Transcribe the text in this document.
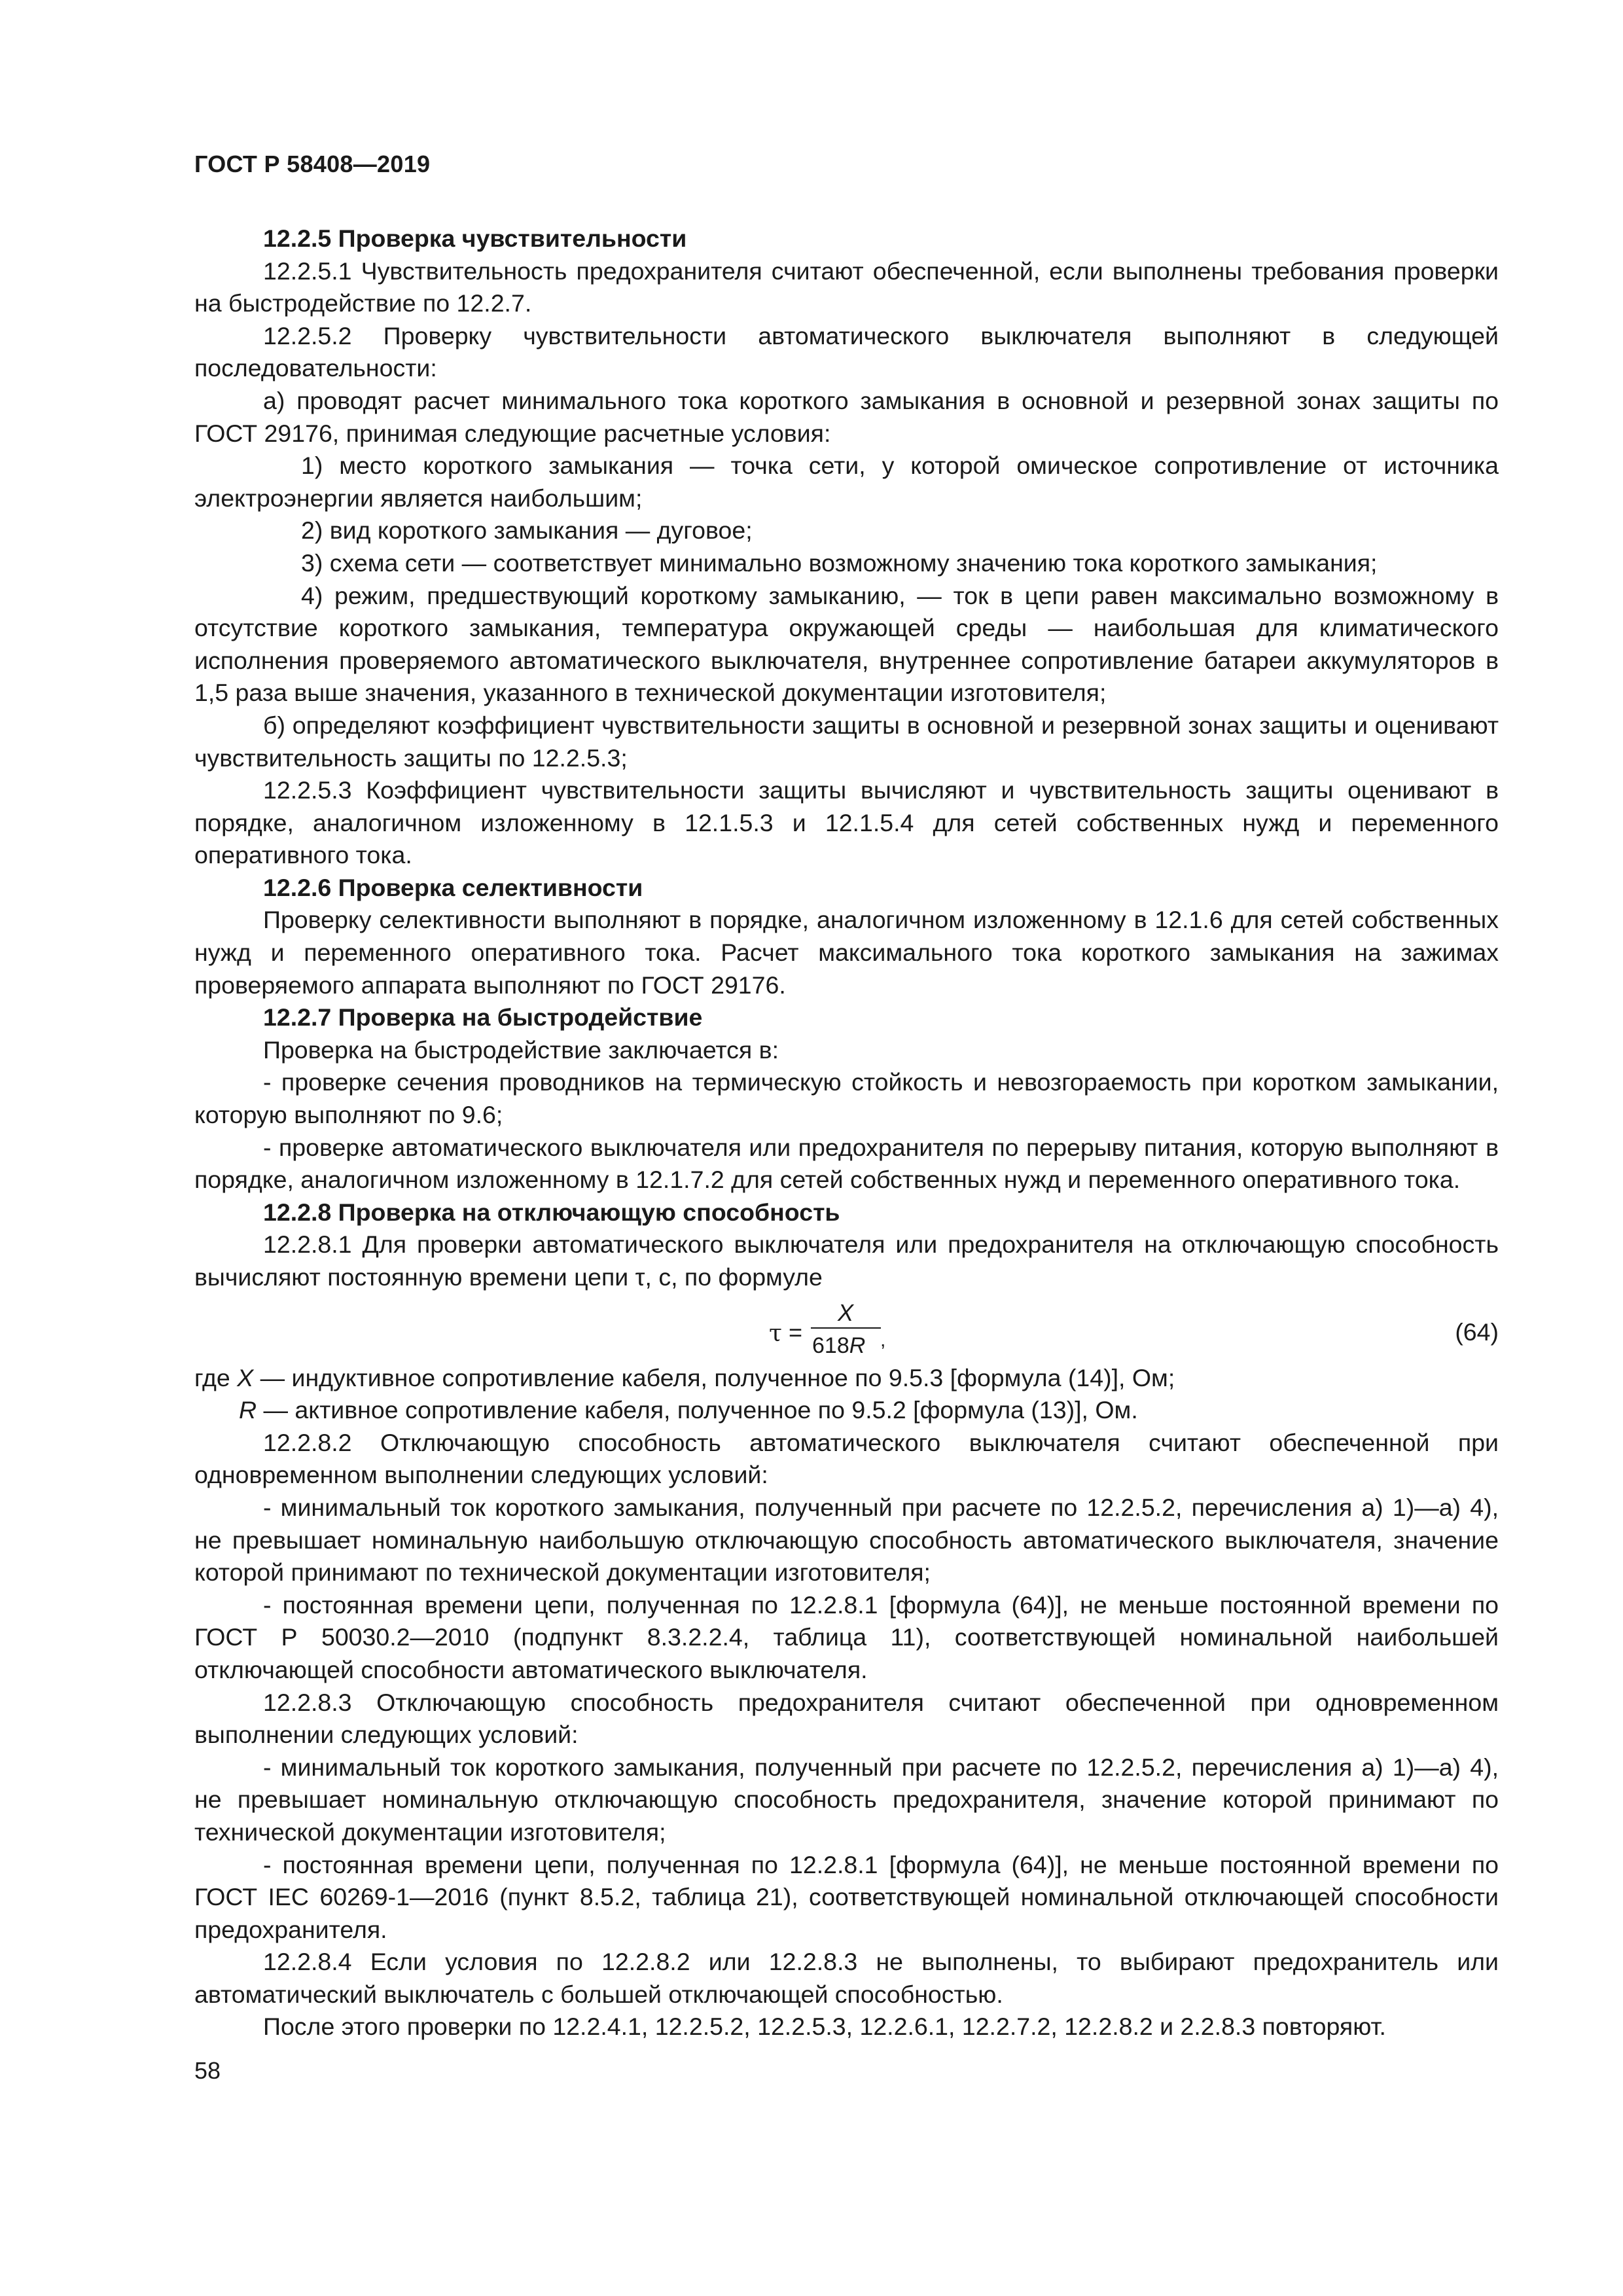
ГОСТ Р 58408—2019

12.2.5 Проверка чувствительности

12.2.5.1 Чувствительность предохранителя считают обеспеченной, если выполнены требования проверки на быстродействие по 12.2.7.

12.2.5.2 Проверку чувствительности автоматического выключателя выполняют в следующей последовательности:

а) проводят расчет минимального тока короткого замыкания в основной и резервной зонах защиты по ГОСТ 29176, принимая следующие расчетные условия:

1) место короткого замыкания — точка сети, у которой омическое сопротивление от источника электроэнергии является наибольшим;

2) вид короткого замыкания — дуговое;

3) схема сети — соответствует минимально возможному значению тока короткого замыкания;

4) режим, предшествующий короткому замыканию, — ток в цепи равен максимально возможному в отсутствие короткого замыкания, температура окружающей среды — наибольшая для климатического исполнения проверяемого автоматического выключателя, внутреннее сопротивление батареи аккумуляторов в 1,5 раза выше значения, указанного в технической документации изготовителя;

б) определяют коэффициент чувствительности защиты в основной и резервной зонах защиты и оценивают чувствительность защиты по 12.2.5.3;

12.2.5.3 Коэффициент чувствительности защиты вычисляют и чувствительность защиты оценивают в порядке, аналогичном изложенному в 12.1.5.3 и 12.1.5.4 для сетей собственных нужд и переменного оперативного тока.

12.2.6 Проверка селективности

Проверку селективности выполняют в порядке, аналогичном изложенному в 12.1.6 для сетей собственных нужд и переменного оперативного тока. Расчет максимального тока короткого замыкания на зажимах проверяемого аппарата выполняют по ГОСТ 29176.

12.2.7 Проверка на быстродействие

Проверка на быстродействие заключается в:

- проверке сечения проводников на термическую стойкость и невозгораемость при коротком замыкании, которую выполняют по 9.6;

- проверке автоматического выключателя или предохранителя по перерыву питания, которую выполняют в порядке, аналогичном изложенному в 12.1.7.2 для сетей собственных нужд и переменного оперативного тока.

12.2.8 Проверка на отключающую способность

12.2.8.1 Для проверки автоматического выключателя или предохранителя на отключающую способность вычисляют постоянную времени цепи τ, с, по формуле

τ =
X
618R ,	(64)

где X — индуктивное сопротивление кабеля, полученное по 9.5.3 [формула (14)], Ом;

R — активное сопротивление кабеля, полученное по 9.5.2 [формула (13)], Ом.

12.2.8.2 Отключающую способность автоматического выключателя считают обеспеченной при одновременном выполнении следующих условий:

- минимальный ток короткого замыкания, полученный при расчете по 12.2.5.2, перечисления а) 1)—а) 4), не превышает номинальную наибольшую отключающую способность автоматического выключателя, значение которой принимают по технической документации изготовителя;

- постоянная времени цепи, полученная по 12.2.8.1 [формула (64)], не меньше постоянной времени по ГОСТ Р 50030.2—2010 (подпункт 8.3.2.2.4, таблица 11), соответствующей номинальной наибольшей отключающей способности автоматического выключателя.

12.2.8.3 Отключающую способность предохранителя считают обеспеченной при одновременном выполнении следующих условий:

- минимальный ток короткого замыкания, полученный при расчете по 12.2.5.2, перечисления а) 1)—а) 4), не превышает номинальную отключающую способность предохранителя, значение которой принимают по технической документации изготовителя;

- постоянная времени цепи, полученная по 12.2.8.1 [формула (64)], не меньше постоянной времени по ГОСТ IEC 60269-1—2016 (пункт 8.5.2, таблица 21), соответствующей номинальной отключающей способности предохранителя.

12.2.8.4 Если условия по 12.2.8.2 или 12.2.8.3 не выполнены, то выбирают предохранитель или автоматический выключатель с большей отключающей способностью.

После этого проверки по 12.2.4.1, 12.2.5.2, 12.2.5.3, 12.2.6.1, 12.2.7.2, 12.2.8.2 и 2.2.8.3 повторяют.

58
